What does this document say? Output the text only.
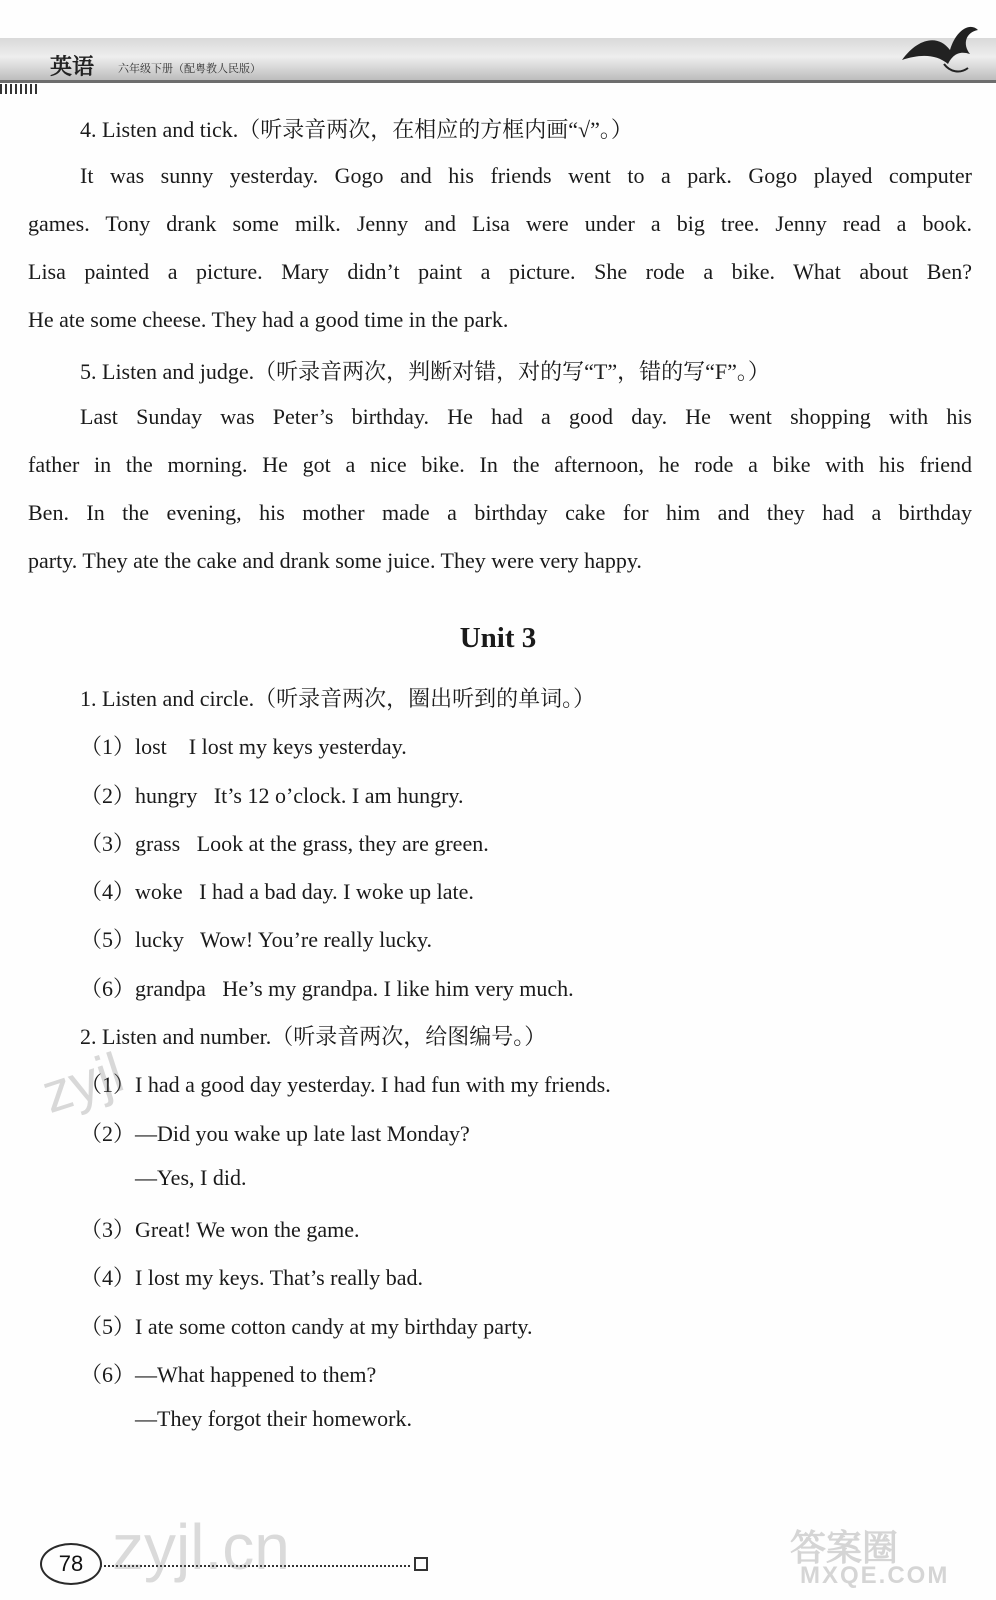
英语 六年级下册（配粤教人民版）
4. Listen and tick.（听录音两次，在相应的方框内画“√”。）
It was sunny yesterday. Gogo and his friends went to a park. Gogo played computer
games. Tony drank some milk. Jenny and Lisa were under a big tree. Jenny read a book.
Lisa painted a picture. Mary didn’t paint a picture. She rode a bike. What about Ben?
He ate some cheese. They had a good time in the park.
5. Listen and judge.（听录音两次，判断对错，对的写“T”，错的写“F”。）
Last Sunday was Peter’s birthday. He had a good day. He went shopping with his
father in the morning. He got a nice bike. In the afternoon, he rode a bike with his friend
Ben. In the evening, his mother made a birthday cake for him and they had a birthday
party. They ate the cake and drank some juice. They were very happy.
Unit 3
1. Listen and circle.（听录音两次，圈出听到的单词。）
（1）lost    I lost my keys yesterday.
（2）hungry   It’s 12 o’clock. I am hungry.
（3）grass   Look at the grass, they are green.
（4）woke   I had a bad day. I woke up late.
（5）lucky   Wow! You’re really lucky.
（6）grandpa   He’s my grandpa. I like him very much.
2. Listen and number.（听录音两次，给图编号。）
（1）I had a good day yesterday. I had fun with my friends.
（2）—Did you wake up late last Monday?
—Yes, I did.
（3）Great! We won the game.
（4）I lost my keys. That’s really bad.
（5）I ate some cotton candy at my birthday party.
（6）—What happened to them?
—They forgot their homework.
zyjl
78 zyjl.cn	答案圈
MXQE.COM
